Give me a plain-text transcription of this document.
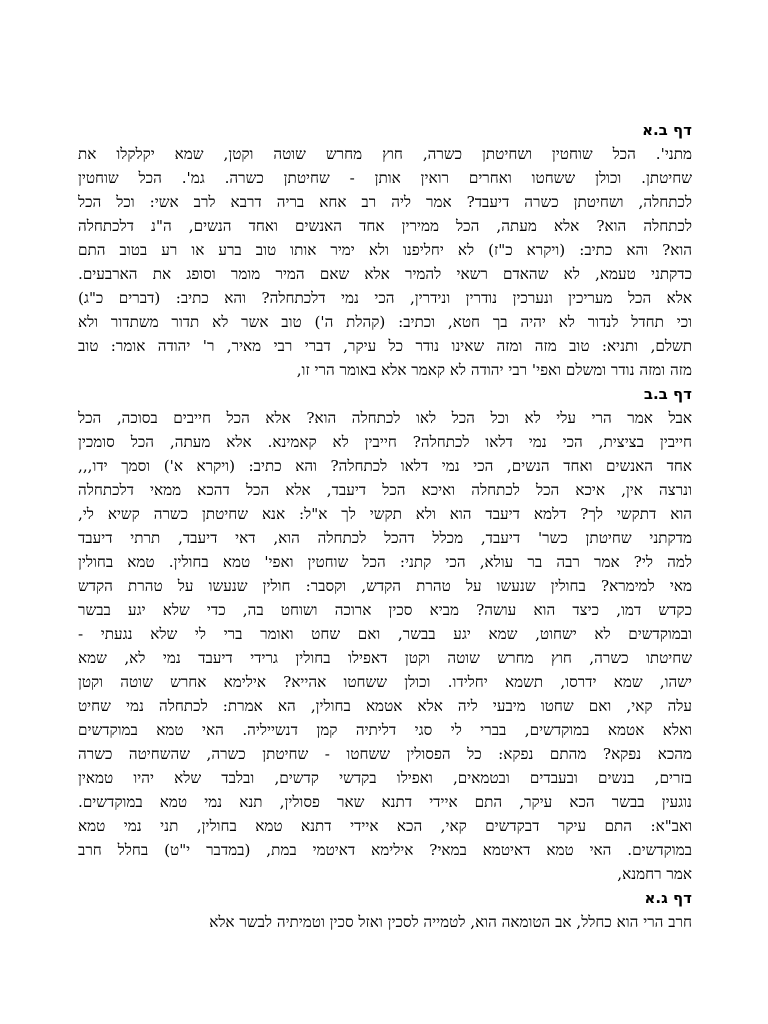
דף ב.א
מתני'. הכל שוחטין ושחיטתן כשרה, חוץ מחרש שוטה וקטן, שמא יקלקלו את
שחיטתן. וכולן ששחטו ואחרים רואין אותן - שחיטתן כשרה. גמ'. הכל שוחטין
לכתחלה, ושחיטתן כשרה דיעבד? אמר ליה רב אחא בריה דרבא לרב אשי: וכל הכל
לכתחלה הוא? אלא מעתה, הכל ממירין אחד האנשים ואחד הנשים, ה"נ דלכתחלה
הוא? והא כתיב: (ויקרא כ"ז) לא יחליפנו ולא ימיר אותו טוב ברע או רע בטוב התם
כדקתני טעמא, לא שהאדם רשאי להמיר אלא שאם המיר מומר וסופג את הארבעים.
אלא הכל מעריכין ונערכין נודרין ונידרין, הכי נמי דלכתחלה? והא כתיב: (דברים כ"ג)
וכי תחדל לנדור לא יהיה בך חטא, וכתיב: (קהלת ה') טוב אשר לא תדור משתדור ולא
תשלם, ותניא: טוב מזה ומזה שאינו נודר כל עיקר, דברי רבי מאיר, ר' יהודה אומר: טוב
מזה ומזה נודר ומשלם ואפי' רבי יהודה לא קאמר אלא באומר הרי זו,
דף ב.ב
אבל אמר הרי עלי לא וכל הכל לאו לכתחלה הוא? אלא הכל חייבים בסוכה, הכל
חייבין בציצית, הכי נמי דלאו לכתחלה? חייבין לא קאמינא. אלא מעתה, הכל סומכין
אחד האנשים ואחד הנשים, הכי נמי דלאו לכתחלה? והא כתיב: (ויקרא א') וסמך ידו,,,
ונרצה אין, איכא הכל לכתחלה ואיכא הכל דיעבד, אלא הכל דהכא ממאי דלכתחלה
הוא דתקשי לך? דלמא דיעבד הוא ולא תקשי לך א"ל: אנא שחיטתן כשרה קשיא לי,
מדקתני שחיטתן כשר' דיעבד, מכלל דהכל לכתחלה הוא, דאי דיעבד, תרתי דיעבד
למה לי? אמר רבה בר עולא, הכי קתני: הכל שוחטין ואפי' טמא בחולין. טמא בחולין
מאי למימרא? בחולין שנעשו על טהרת הקדש, וקסבר: חולין שנעשו על טהרת הקדש
כקדש דמו, כיצד הוא עושה? מביא סכין ארוכה ושוחט בה, כדי שלא יגע בבשר
ובמוקדשים לא ישחוט, שמא יגע בבשר, ואם שחט ואומר ברי לי שלא נגעתי -
שחיטתו כשרה, חוץ מחרש שוטה וקטן דאפילו בחולין גרידי דיעבד נמי לא, שמא
ישהו, שמא ידרסו, תשמא יחלידו. וכולן ששחטו אהייא? אילימא אחרש שוטה וקטן
עלה קאי, ואם שחטו מיבעי ליה אלא אטמא בחולין, הא אמרת: לכתחלה נמי שחיט
ואלא אטמא במוקדשים, בברי לי סגי דליתיה קמן דנשייליה. האי טמא במוקדשים
מהכא נפקא? מהתם נפקא: כל הפסולין ששחטו - שחיטתן כשרה, שהשחיטה כשרה
בזרים, בנשים ובעבדים ובטמאים, ואפילו בקדשי קדשים, ובלבד שלא יהיו טמאין
נוגעין בבשר הכא עיקר, התם איידי דתנא שאר פסולין, תנא נמי טמא במוקדשים.
ואב"א: התם עיקר דבקדשים קאי, הכא איידי דתנא טמא בחולין, תני נמי טמא
במוקדשים. האי טמא דאיטמא במאי? אילימא דאיטמי במת, (במדבר י"ט) בחלל חרב
אמר רחמנא,
דף ג.א
חרב הרי הוא כחלל, אב הטומאה הוא, לטמייה לסכין ואזל סכין וטמיתיה לבשר אלא
